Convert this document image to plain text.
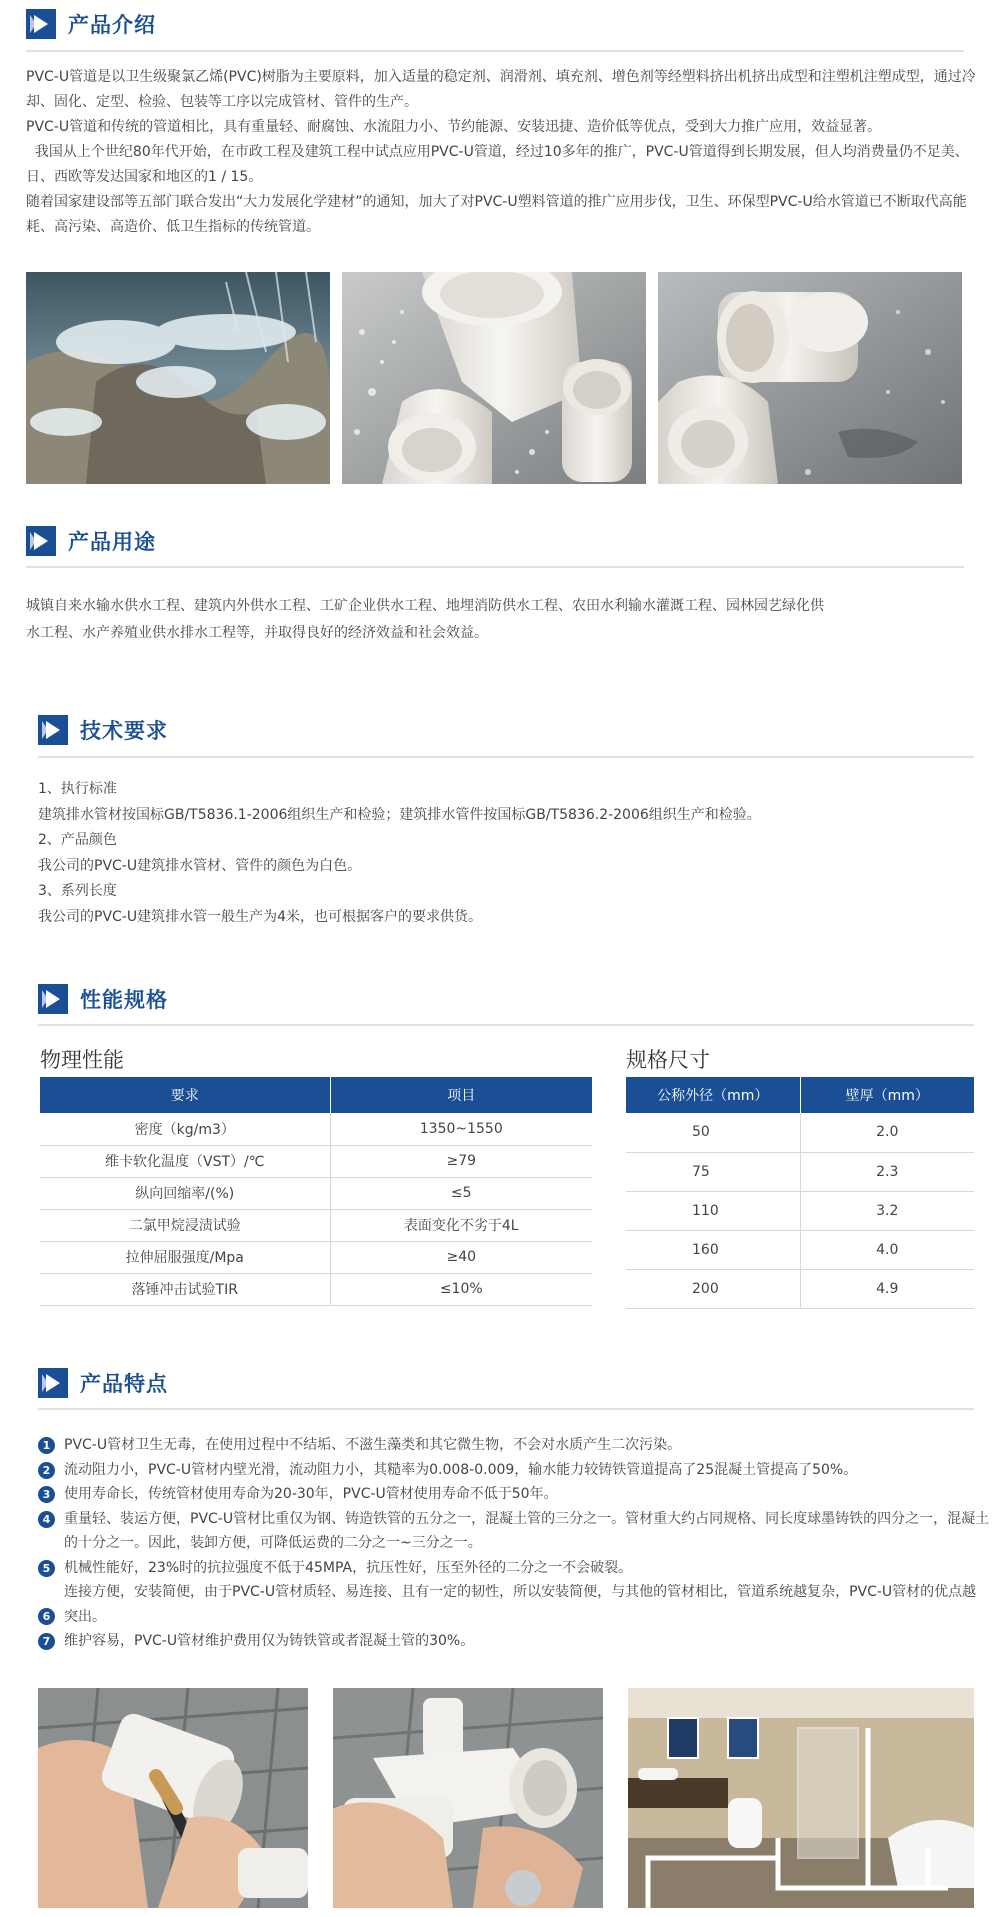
产品介绍

PVC-U管道是以卫生级聚氯乙烯(PVC)树脂为主要原料，加入适量的稳定剂、润滑剂、填充剂、增色剂等经塑料挤出机挤出成型和注塑机注塑成型，通过冷却、固化、定型、检验、包装等工序以完成管材、管件的生产。

PVC-U管道和传统的管道相比，具有重量轻、耐腐蚀、水流阻力小、节约能源、安装迅捷、造价低等优点，受到大力推广应用，效益显著。

我国从上个世纪80年代开始，在市政工程及建筑工程中试点应用PVC-U管道，经过10多年的推广，PVC-U管道得到长期发展，但人均消费量仍不足美、日、西欧等发达国家和地区的1 / 15。

随着国家建设部等五部门联合发出“大力发展化学建材”的通知，加大了对PVC-U塑料管道的推广应用步伐，卫生、环保型PVC-U给水管道已不断取代高能耗、高污染、高造价、低卫生指标的传统管道。

产品用途

城镇自来水输水供水工程、建筑内外供水工程、工矿企业供水工程、地埋消防供水工程、农田水利输水灌溉工程、园林园艺绿化供

水工程、水产养殖业供水排水工程等，并取得良好的经济效益和社会效益。

技术要求

1、执行标准

建筑排水管材按国标GB/T5836.1-2006组织生产和检验；建筑排水管件按国标GB/T5836.2-2006组织生产和检验。

2、产品颜色

我公司的PVC-U建筑排水管材、管件的颜色为白色。

3、系列长度

我公司的PVC-U建筑排水管一般生产为4米，也可根据客户的要求供货。

性能规格
物理性能
要求	项目
密度（kg/m3）	1350~1550
维卡软化温度（VST）/℃	≥79
纵向回缩率/(%)	≤5
二氯甲烷浸渍试验	表面变化不劣于4L
拉伸屈服强度/Mpa	≥40
落锤冲击试验TIR	≤10%
规格尺寸
公称外径（mm）	壁厚（mm）
50	2.0
75	2.3
110	3.2
160	4.0
200	4.9
产品特点
1 PVC-U管材卫生无毒，在使用过程中不结垢、不滋生藻类和其它微生物，不会对水质产生二次污染。
2 流动阻力小，PVC-U管材内壁光滑，流动阻力小，其糙率为0.008-0.009，输水能力较铸铁管道提高了25混凝土管提高了50%。
3 使用寿命长，传统管材使用寿命为20-30年，PVC-U管材使用寿命不低于50年。
4 重量轻、装运方便，PVC-U管材比重仅为钢、铸造铁管的五分之一，混凝土管的三分之一。管材重大约占同规格、同长度球墨铸铁的四分之一，混凝土的十分之一。因此，装卸方便，可降低运费的二分之一~三分之一。
5 机械性能好，23%时的抗拉强度不低于45MPA，抗压性好，压至外径的二分之一不会破裂。
6
连接方便，安装简便，由于PVC-U管材质轻、易连接、且有一定的韧性，所以安装简便，与其他的管材相比，管道系统越复杂，PVC-U管材的优点越突出。
7 维护容易，PVC-U管材维护费用仅为铸铁管或者混凝土管的30%。
